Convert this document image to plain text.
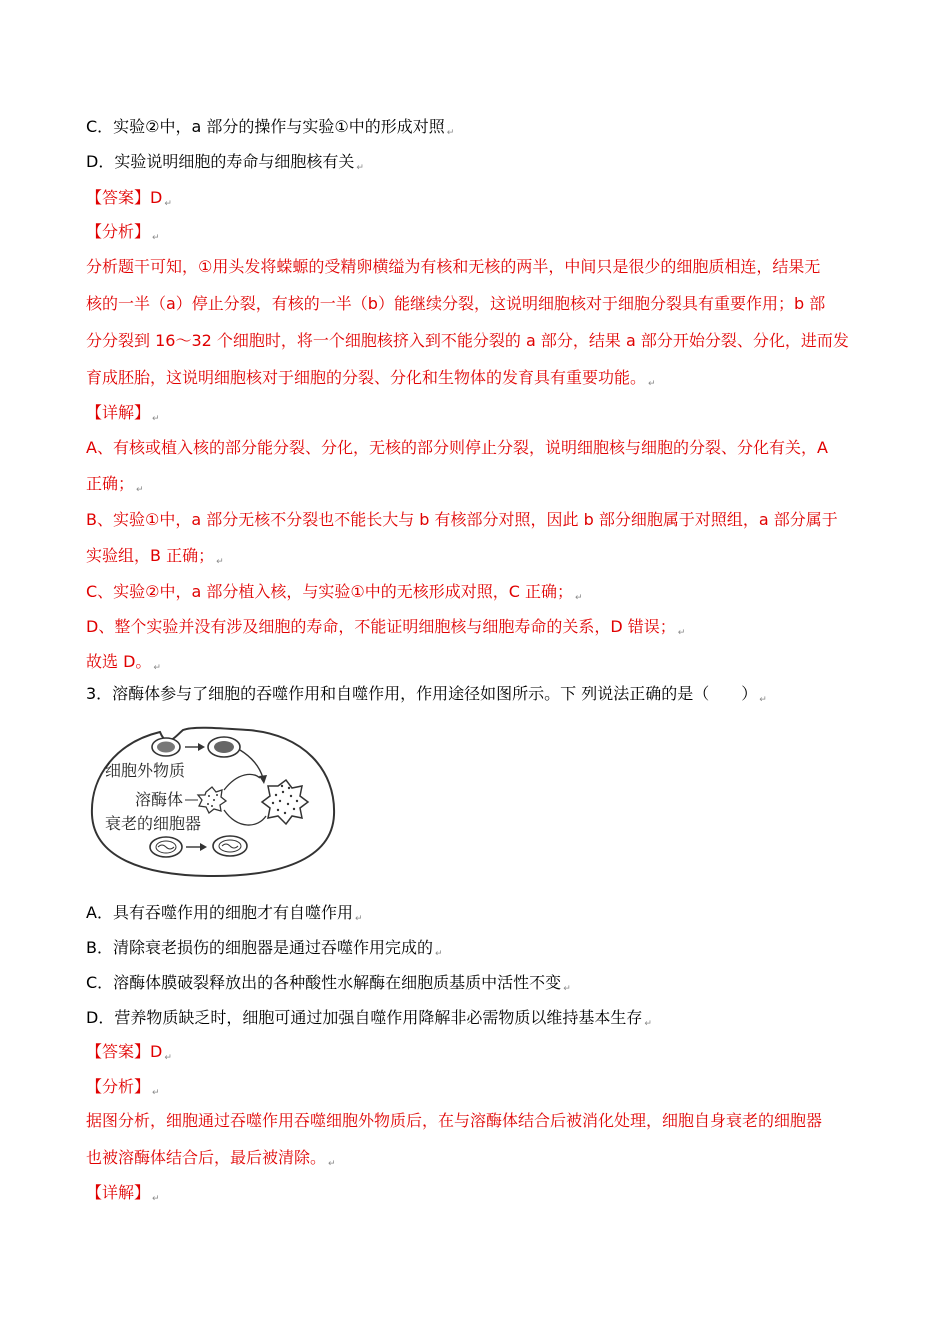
C．实验②中，a 部分的操作与实验①中的形成对照 ↵
D．实验说明细胞的寿命与细胞核有关 ↵
【答案】D ↵
【分析】 ↵
分析题干可知，①用头发将蝾螈的受精卵横缢为有核和无核的两半，中间只是很少的细胞质相连，结果无
核的一半（a）停止分裂，有核的一半（b）能继续分裂，这说明细胞核对于细胞分裂具有重要作用；b 部
分分裂到 16～32 个细胞时，将一个细胞核挤入到不能分裂的 a 部分，结果 a 部分开始分裂、分化，进而发
育成胚胎，这说明细胞核对于细胞的分裂、分化和生物体的发育具有重要功能。 ↵
【详解】 ↵
A、有核或植入核的部分能分裂、分化，无核的部分则停止分裂，说明细胞核与细胞的分裂、分化有关，A
正确； ↵
B、实验①中，a 部分无核不分裂也不能长大与 b 有核部分对照，因此 b 部分细胞属于对照组，a 部分属于
实验组，B 正确； ↵
C、实验②中，a 部分植入核，与实验①中的无核形成对照，C 正确； ↵
D、整个实验并没有涉及细胞的寿命，不能证明细胞核与细胞寿命的关系，D 错误； ↵
故选 D。 ↵
3．溶酶体参与了细胞的吞噬作用和自噬作用，作用途径如图所示。下 列说法正确的是（　　） ↵
细胞外物质
溶酶体
衰老的细胞器
A．具有吞噬作用的细胞才有自噬作用 ↵
B．清除衰老损伤的细胞器是通过吞噬作用完成的 ↵
C．溶酶体膜破裂释放出的各种酸性水解酶在细胞质基质中活性不变 ↵
D．营养物质缺乏时，细胞可通过加强自噬作用降解非必需物质以维持基本生存 ↵
【答案】D ↵
【分析】 ↵
据图分析，细胞通过吞噬作用吞噬细胞外物质后，在与溶酶体结合后被消化处理，细胞自身衰老的细胞器
也被溶酶体结合后，最后被清除。 ↵
【详解】 ↵
